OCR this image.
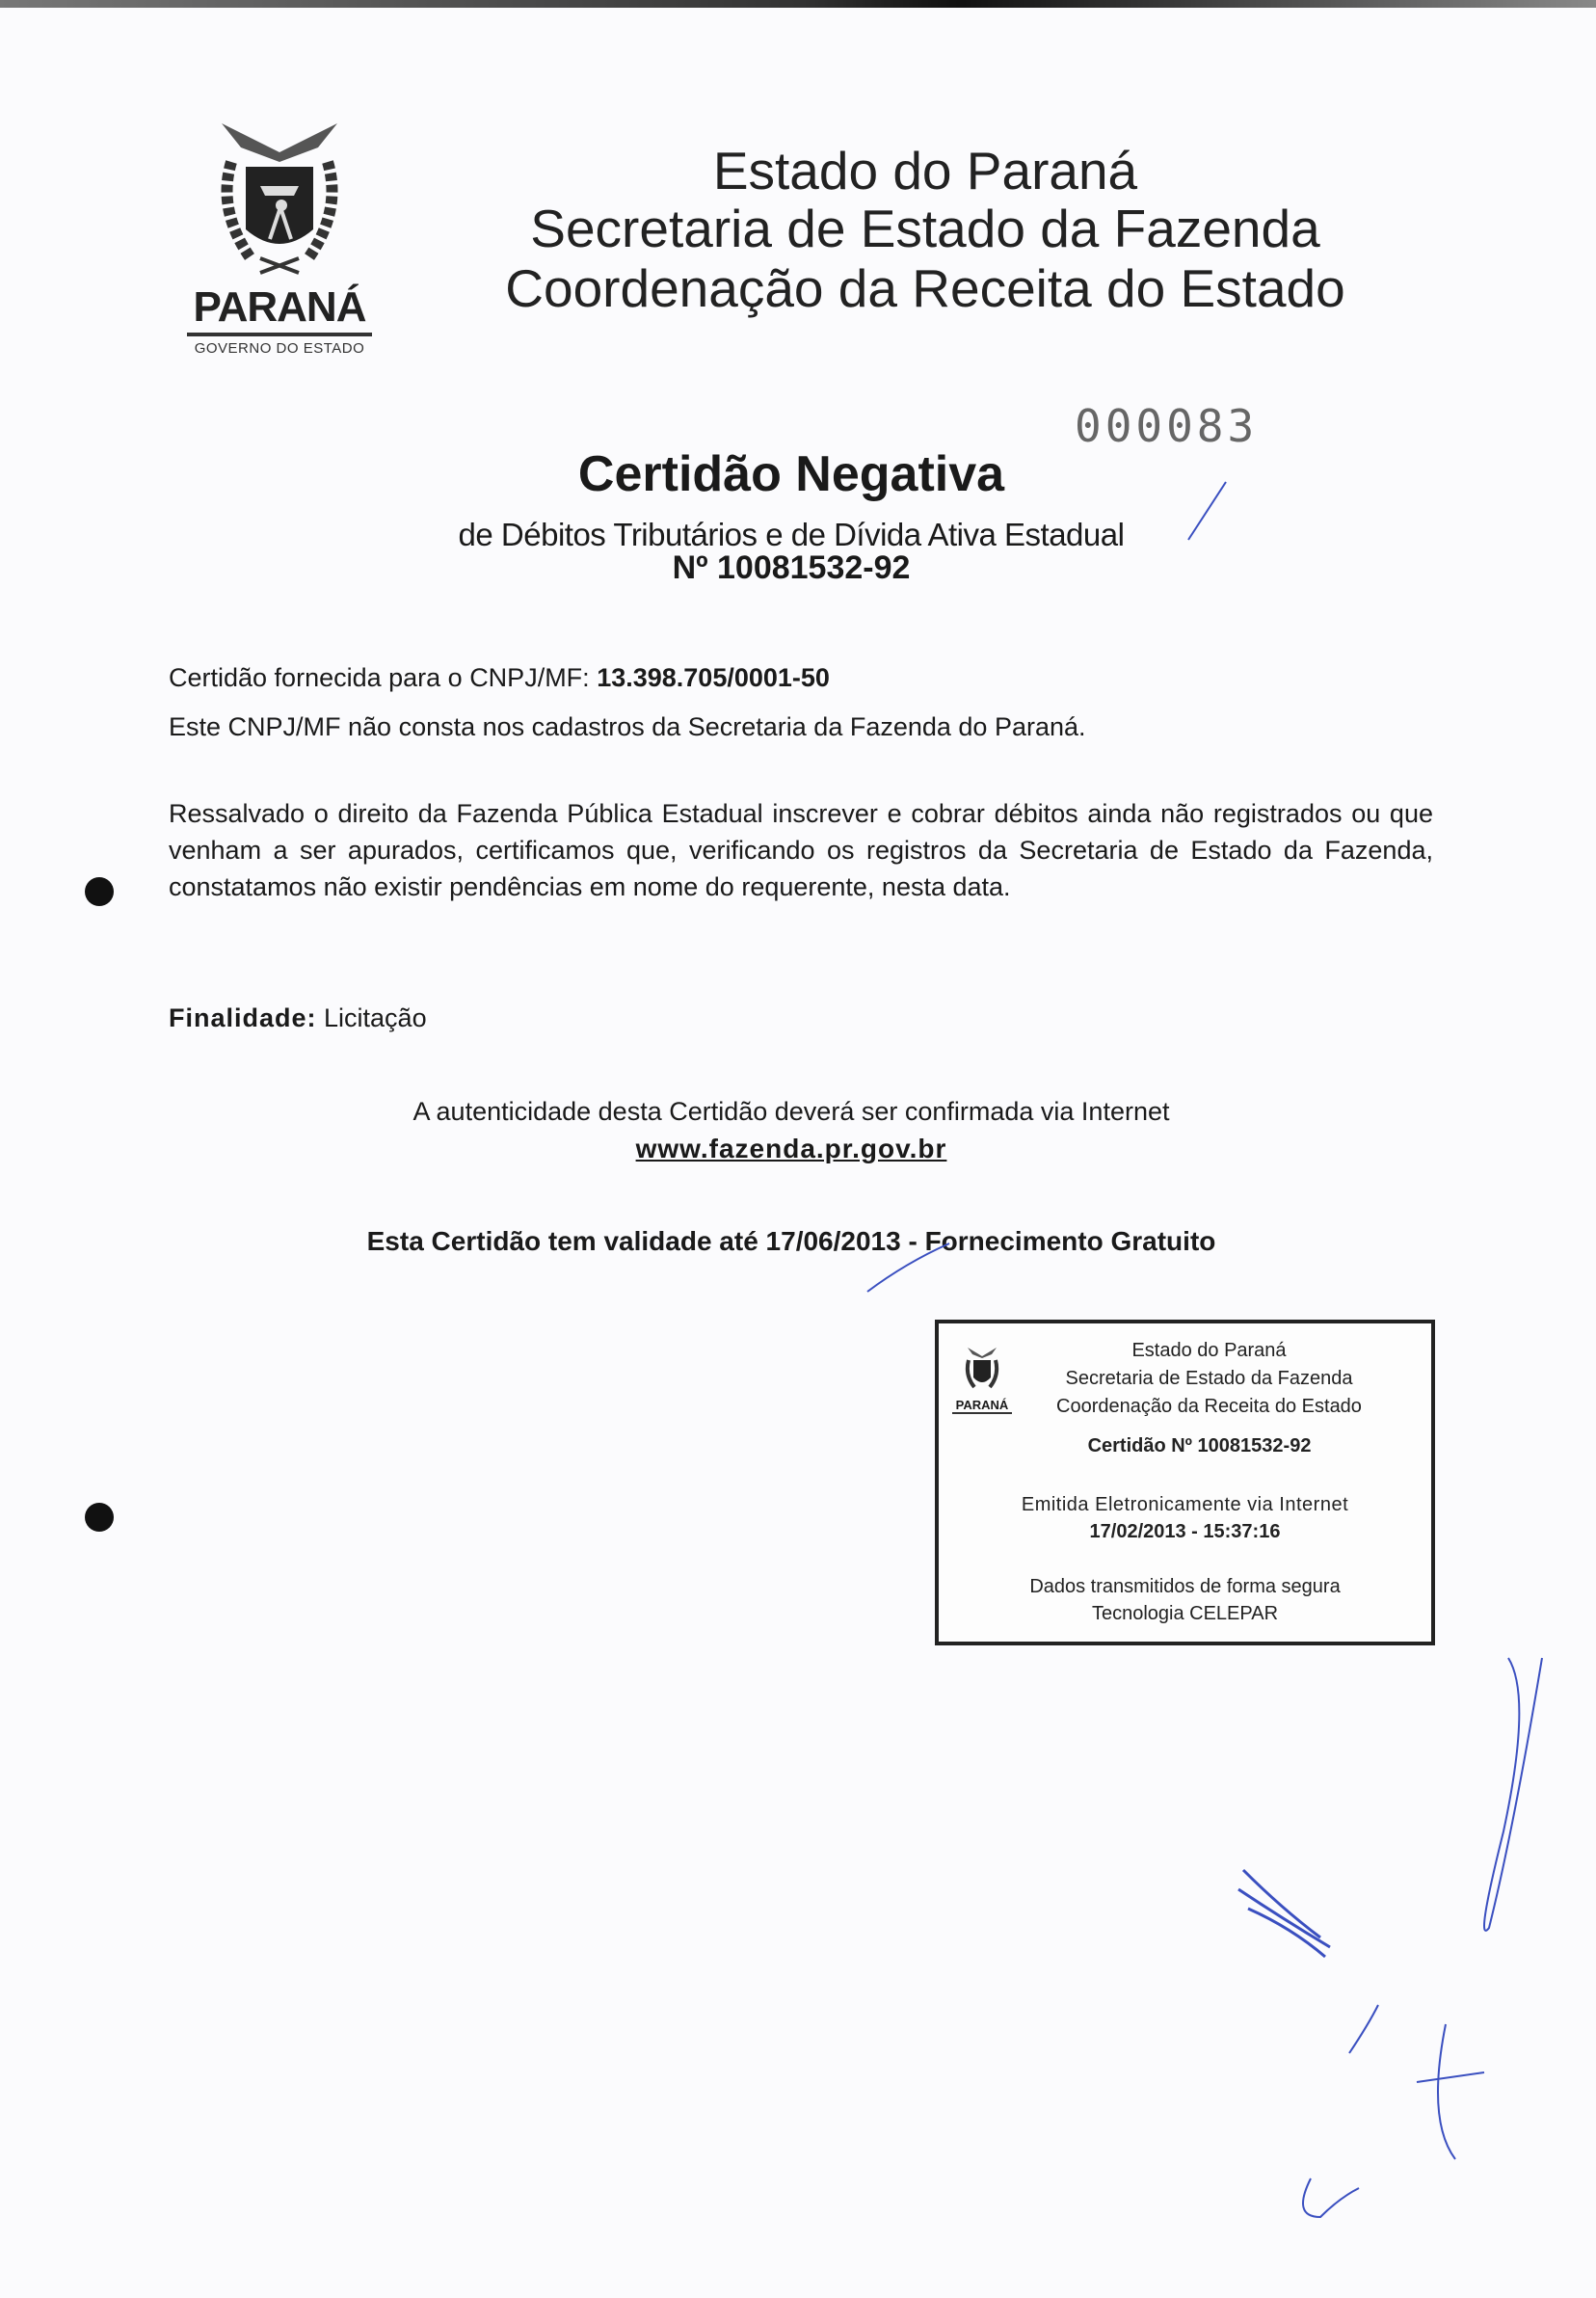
PARANÁ
GOVERNO DO ESTADO
Estado do Paraná
Secretaria de Estado da Fazenda
Coordenação da Receita do Estado
000083
Certidão Negativa
de Débitos Tributários e de Dívida Ativa Estadual
Nº 10081532-92
Certidão fornecida para o CNPJ/MF: 13.398.705/0001-50
Este CNPJ/MF não consta nos cadastros da Secretaria da Fazenda do Paraná.
Ressalvado o direito da Fazenda Pública Estadual inscrever e cobrar débitos ainda não registrados ou que venham a ser apurados, certificamos que, verificando os registros da Secretaria de Estado da Fazenda, constatamos não existir pendências em nome do requerente, nesta data.
Finalidade: Licitação
A autenticidade desta Certidão deverá ser confirmada via Internet
www.fazenda.pr.gov.br
Esta Certidão tem validade até 17/06/2013 - Fornecimento Gratuito
PARANÁ
Estado do Paraná
Secretaria de Estado da Fazenda
Coordenação da Receita do Estado
Certidão Nº 10081532-92
Emitida Eletronicamente via Internet
17/02/2013 - 15:37:16
Dados transmitidos de forma segura
Tecnologia CELEPAR
